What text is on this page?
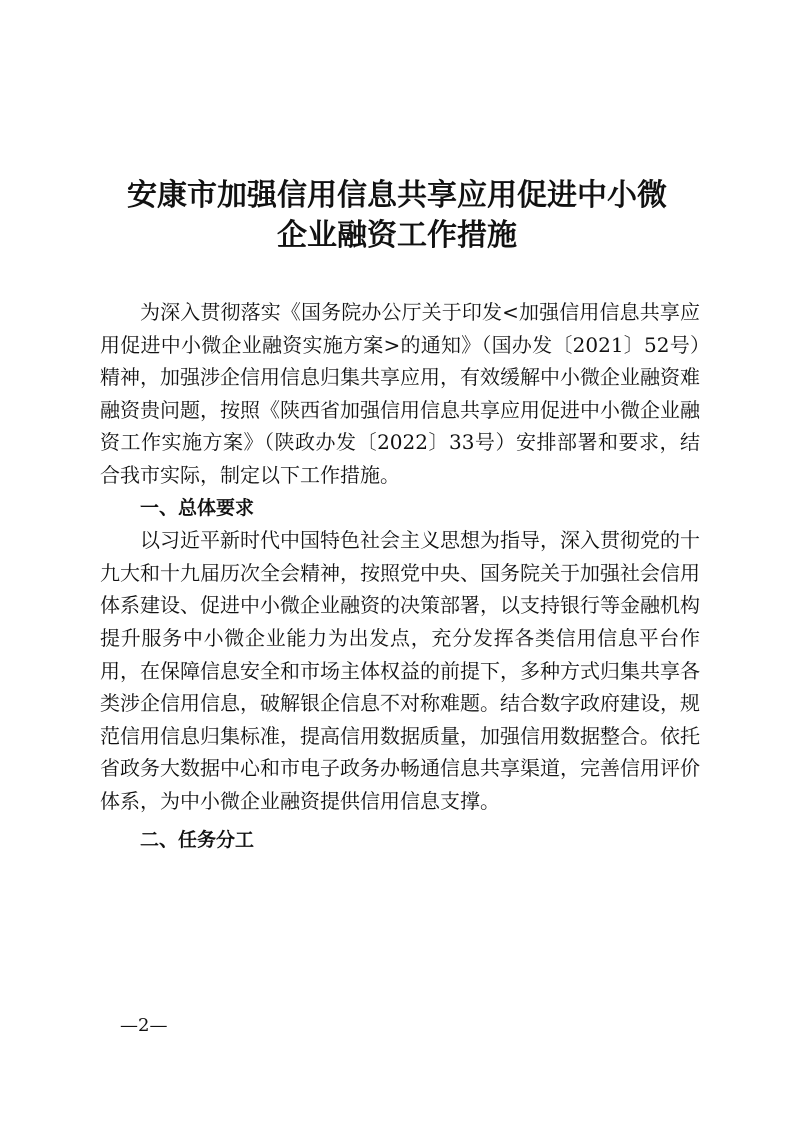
安康市加强信用信息共享应用促进中小微
企业融资工作措施

为深入贯彻落实《国务院办公厅关于印发<加强信用信息共享应用促进中小微企业融资实施方案>的通知》（国办发〔2021〕52号）精神，加强涉企信用信息归集共享应用，有效缓解中小微企业融资难融资贵问题，按照《陕西省加强信用信息共享应用促进中小微企业融资工作实施方案》（陕政办发〔2022〕33号）安排部署和要求，结合我市实际，制定以下工作措施。

一、总体要求

以习近平新时代中国特色社会主义思想为指导，深入贯彻党的十九大和十九届历次全会精神，按照党中央、国务院关于加强社会信用体系建设、促进中小微企业融资的决策部署，以支持银行等金融机构提升服务中小微企业能力为出发点，充分发挥各类信用信息平台作用，在保障信息安全和市场主体权益的前提下，多种方式归集共享各类涉企信用信息，破解银企信息不对称难题。结合数字政府建设，规范信用信息归集标准，提高信用数据质量，加强信用数据整合。依托省政务大数据中心和市电子政务办畅通信息共享渠道，完善信用评价体系，为中小微企业融资提供信用信息支撑。

二、任务分工

—2—
